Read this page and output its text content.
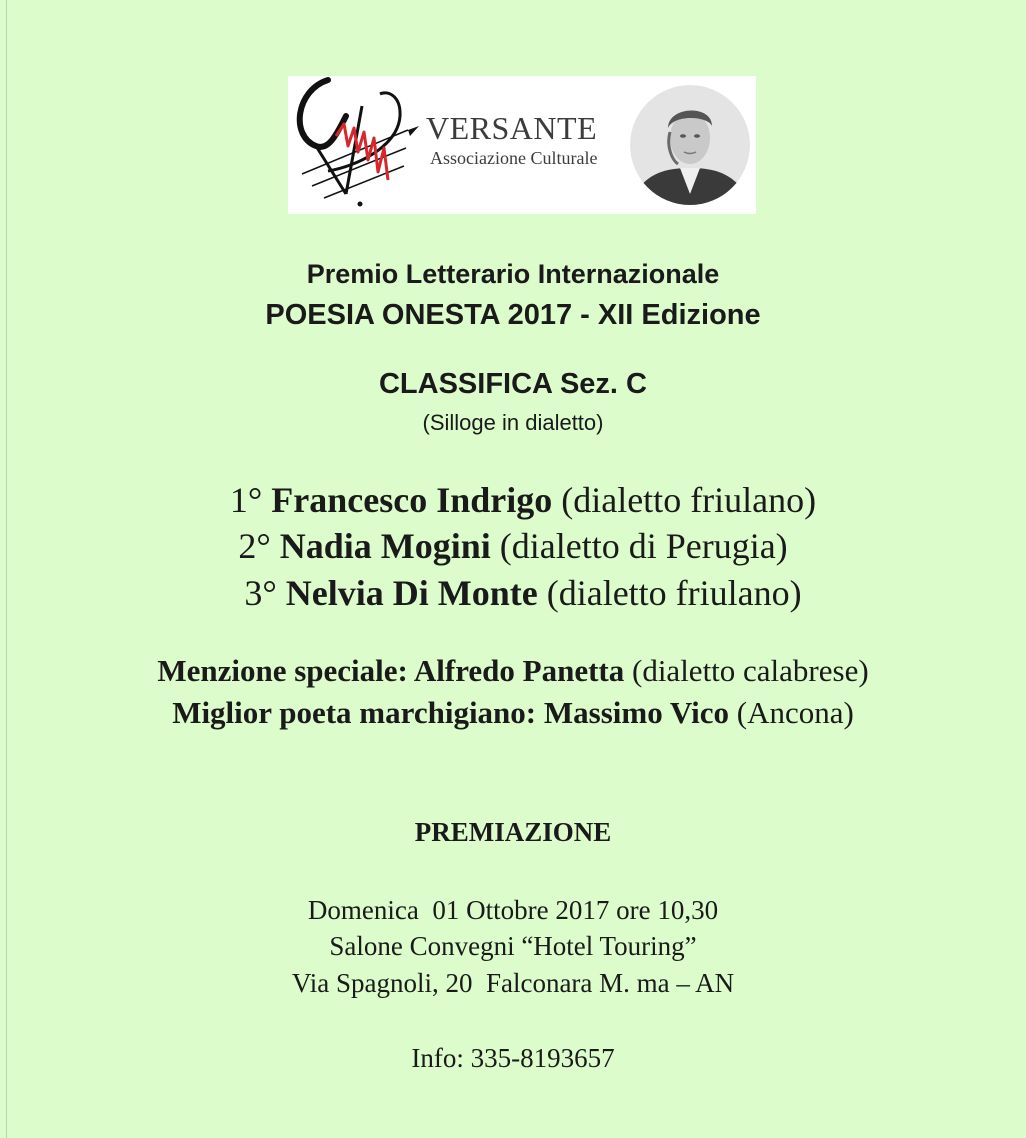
VERSANTE
Associazione Culturale
Premio Letterario Internazionale
POESIA ONESTA 2017 - XII Edizione
CLASSIFICA Sez. C
(Silloge in dialetto)
1° Francesco Indrigo (dialetto friulano)
2° Nadia Mogini (dialetto di Perugia)
3° Nelvia Di Monte (dialetto friulano)
Menzione speciale: Alfredo Panetta (dialetto calabrese)
Miglior poeta marchigiano: Massimo Vico (Ancona)
PREMIAZIONE
Domenica  01 Ottobre 2017 ore 10,30
Salone Convegni “Hotel Touring”
Via Spagnoli, 20  Falconara M. ma – AN
Info: 335-8193657
